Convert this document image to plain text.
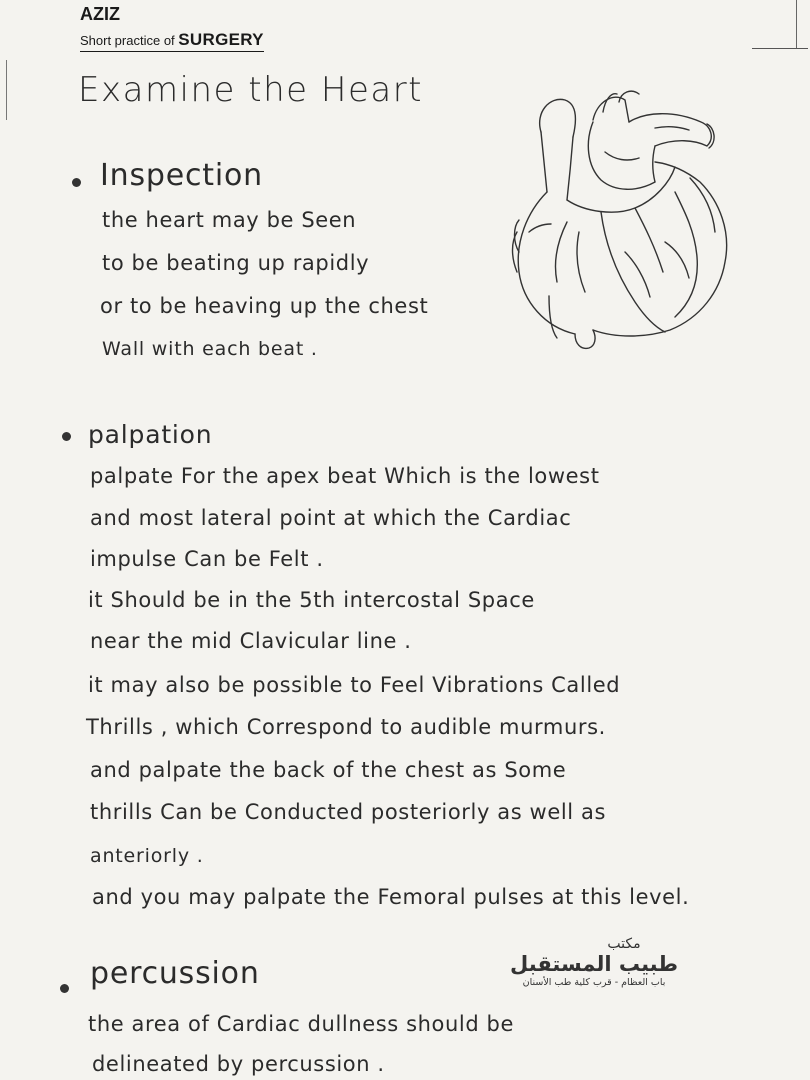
AZIZ
Short practice of SURGERY
Examine the Heart
Inspection
the heart may be Seen
to be beating up rapidly
or to be heaving up the chest
Wall with each beat .
palpation
palpate For the apex beat Which is the lowest
and most lateral point at which the Cardiac
impulse Can be Felt .
it Should be in the 5th intercostal Space
near the mid Clavicular line .
it may also be possible to Feel Vibrations Called
Thrills , which Correspond to audible murmurs.
and palpate the back of the chest as Some
thrills Can be Conducted posteriorly as well as
anteriorly .
and you may palpate the Femoral pulses at this level.
percussion
the area of Cardiac dullness should be
delineated by percussion .
مكتب
طبيب المستقبل
باب العظام - قرب كلية طب الأسنان
